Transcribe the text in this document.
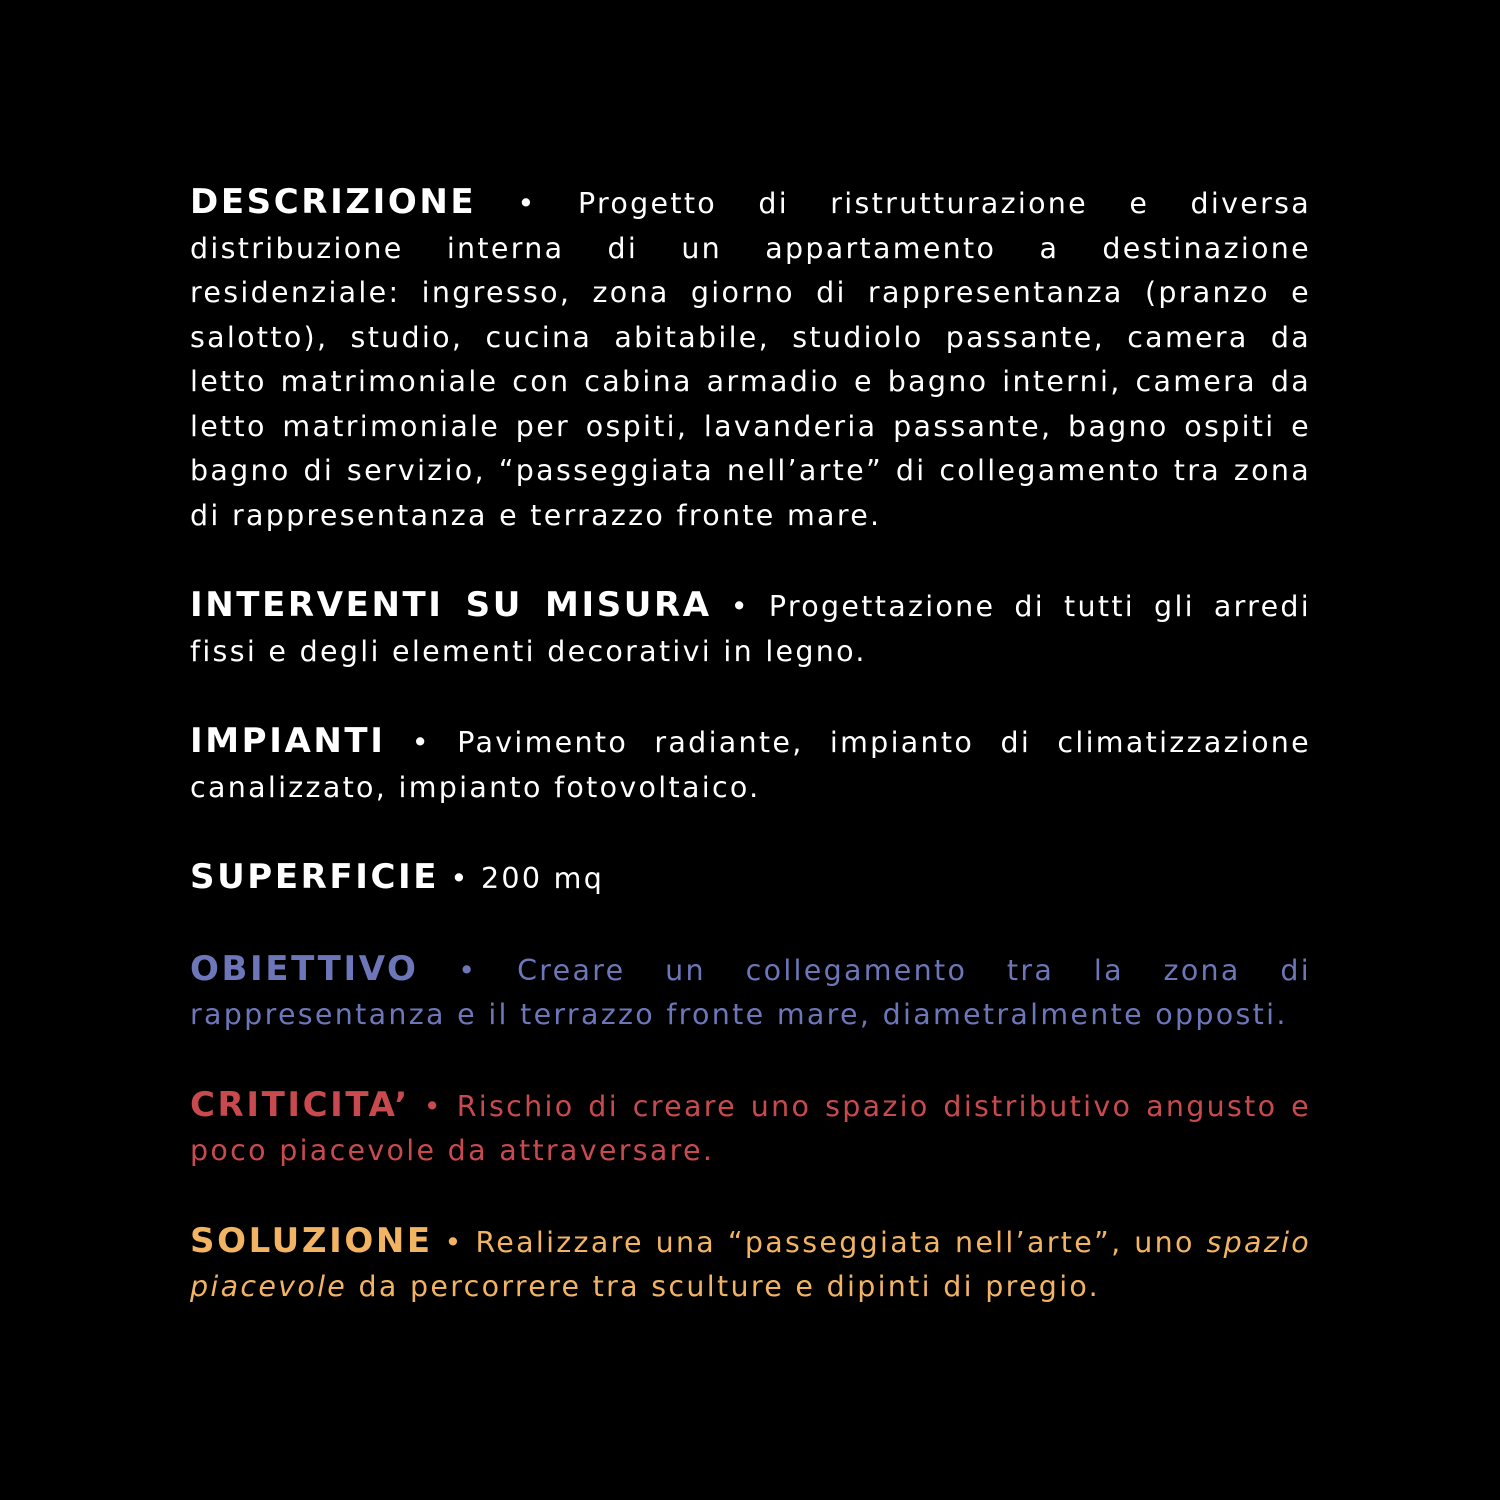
DESCRIZIONE • Progetto di ristrutturazione e diversa distribuzione interna di un appartamento a destinazione residenziale: ingresso, zona giorno di rappresentanza (pranzo e salotto), studio, cucina abitabile, studiolo passante, camera da letto matrimoniale con cabina armadio e bagno interni, camera da letto matrimoniale per ospiti, lavanderia passante, bagno ospiti e bagno di servizio, “passeggiata nell’arte” di collegamento tra zona di rappresentanza e terrazzo fronte mare.

INTERVENTI SU MISURA • Progettazione di tutti gli arredi fissi e degli elementi decorativi in legno.

IMPIANTI • Pavimento radiante, impianto di climatizzazione canalizzato, impianto fotovoltaico.

SUPERFICIE • 200 mq

OBIETTIVO • Creare un collegamento tra la zona di rappresentanza e il terrazzo fronte mare, diametralmente opposti.

CRITICITA’ • Rischio di creare uno spazio distributivo angusto e poco piacevole da attraversare.

SOLUZIONE • Realizzare una “passeggiata nell’arte”, uno spazio piacevole da percorrere tra sculture e dipinti di pregio.
